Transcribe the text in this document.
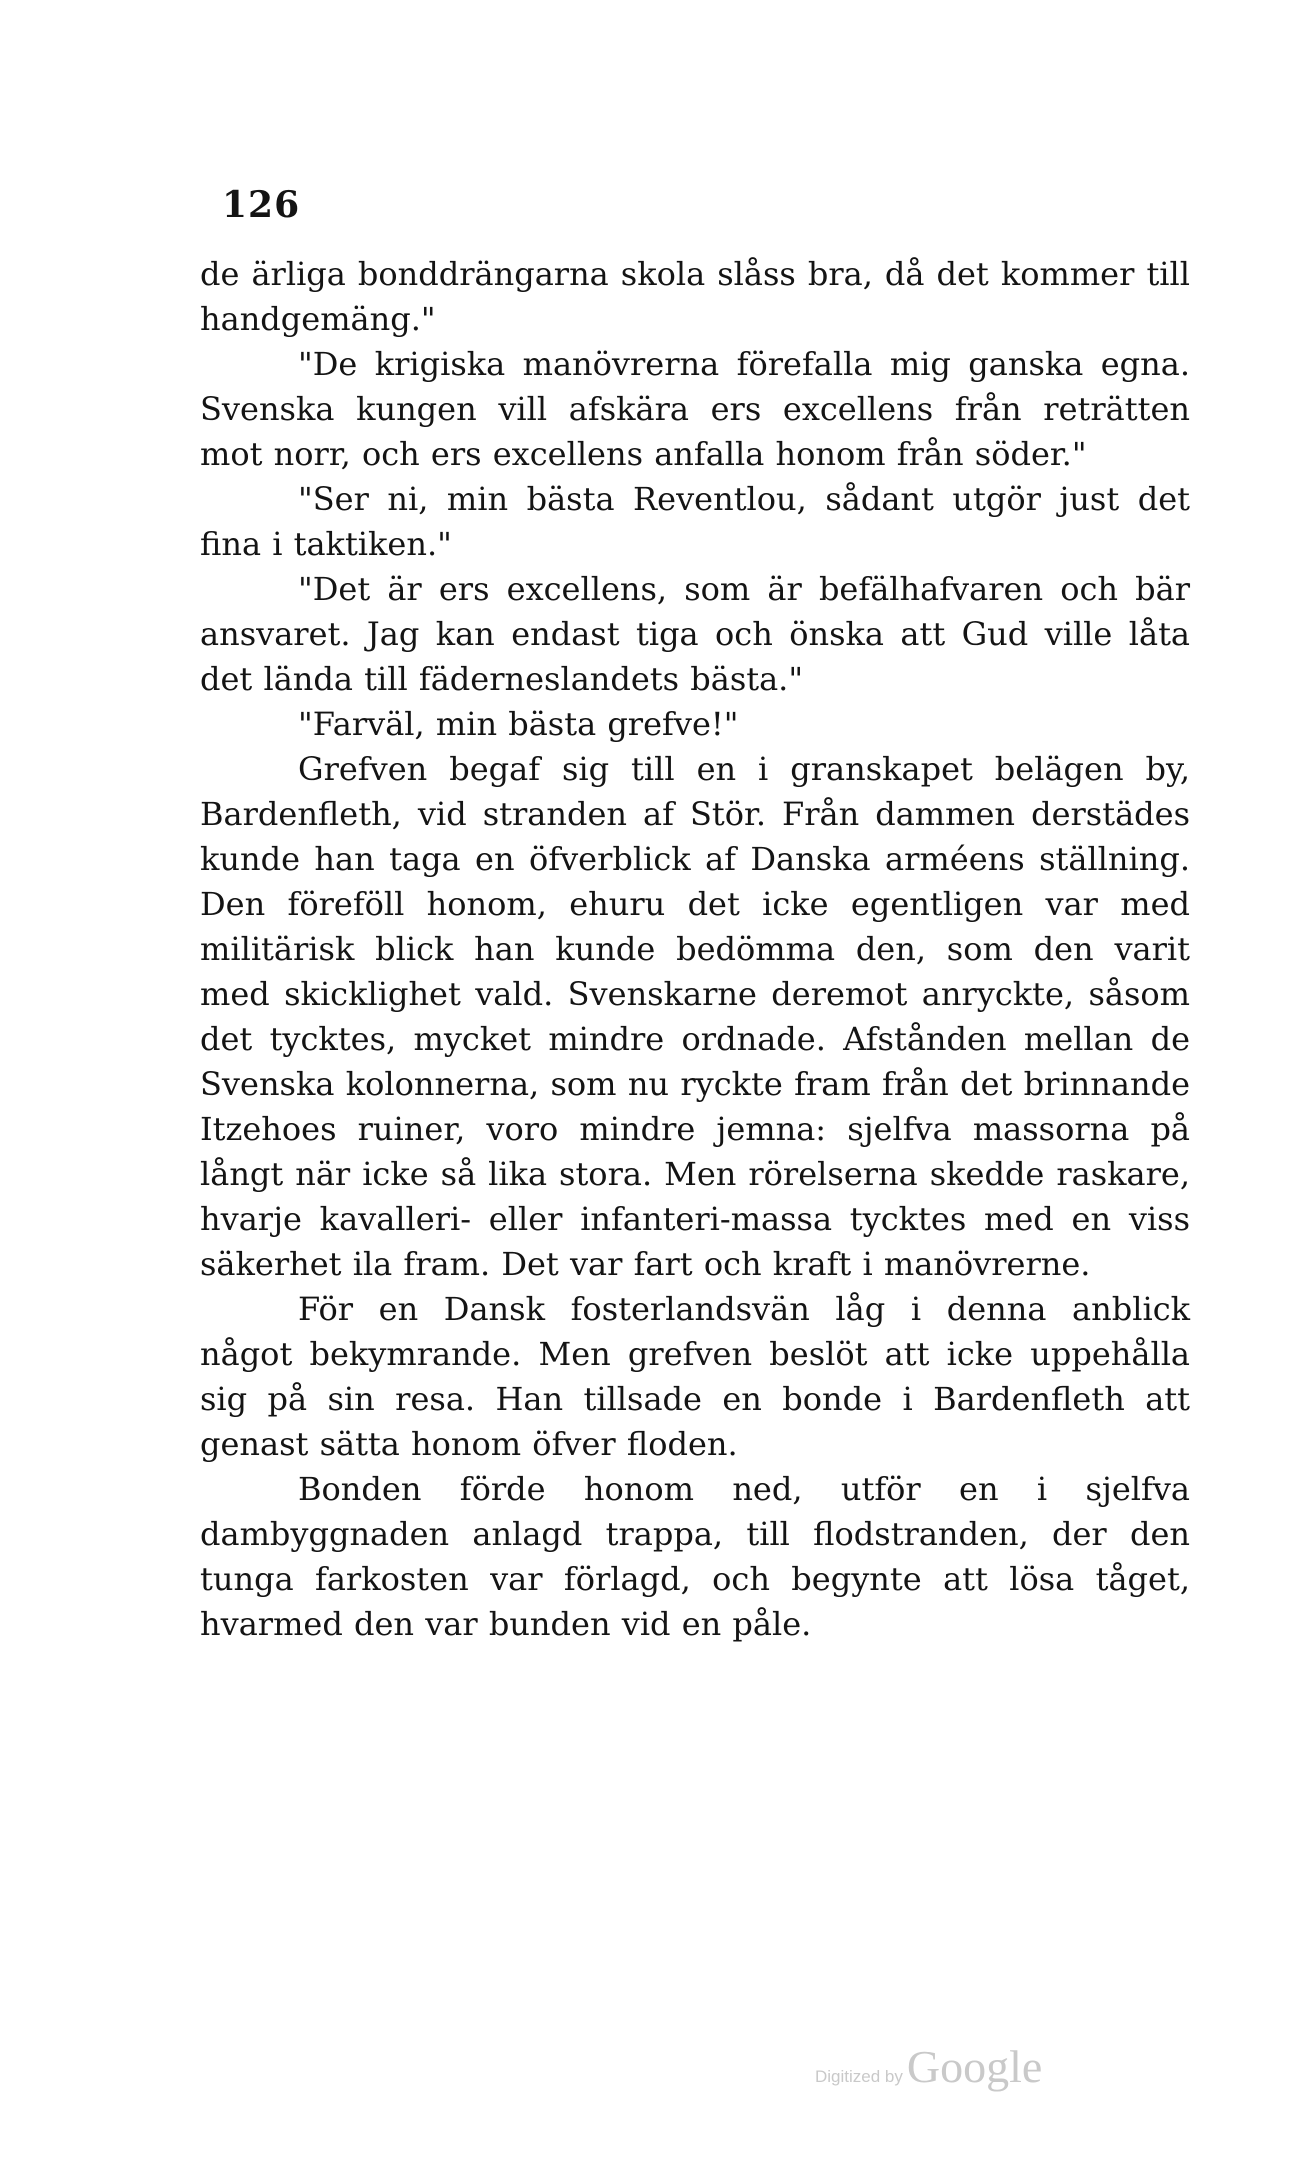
126

de ärliga bonddrängarna skola slåss bra, då det kommer till handgemäng."

"De krigiska manövrerna förefalla mig ganska egna. Svenska kungen vill afskära ers excellens från reträtten mot norr, och ers excellens anfalla honom från söder."

"Ser ni, min bästa Reventlou, sådant utgör just det fina i taktiken."

"Det är ers excellens, som är befälhafvaren och bär ansvaret. Jag kan endast tiga och önska att Gud ville låta det lända till fäderneslandets bästa."

"Farväl, min bästa grefve!"

Grefven begaf sig till en i granskapet belägen by, Bardenfleth, vid stranden af Stör. Från dammen derstädes kunde han taga en öfverblick af Danska arméens ställning. Den föreföll honom, ehuru det icke egentligen var med militärisk blick han kunde bedömma den, som den varit med skicklighet vald. Svenskarne deremot anryckte, såsom det tycktes, mycket mindre ordnade. Afstånden mellan de Svenska kolonnerna, som nu ryckte fram från det brinnande Itzehoes ruiner, voro mindre jemna: sjelfva massorna på långt när icke så lika stora. Men rörelserna skedde raskare, hvarje kavalleri- eller infanteri-massa tycktes med en viss säkerhet ila fram. Det var fart och kraft i manövrerne.

För en Dansk fosterlandsvän låg i denna anblick något bekymrande. Men grefven beslöt att icke uppehålla sig på sin resa. Han tillsade en bonde i Bardenfleth att genast sätta honom öfver floden.

Bonden förde honom ned, utför en i sjelfva dambyggnaden anlagd trappa, till flodstranden, der den tunga farkosten var förlagd, och begynte att lösa tåget, hvarmed den var bunden vid en påle.

Digitized by Google
